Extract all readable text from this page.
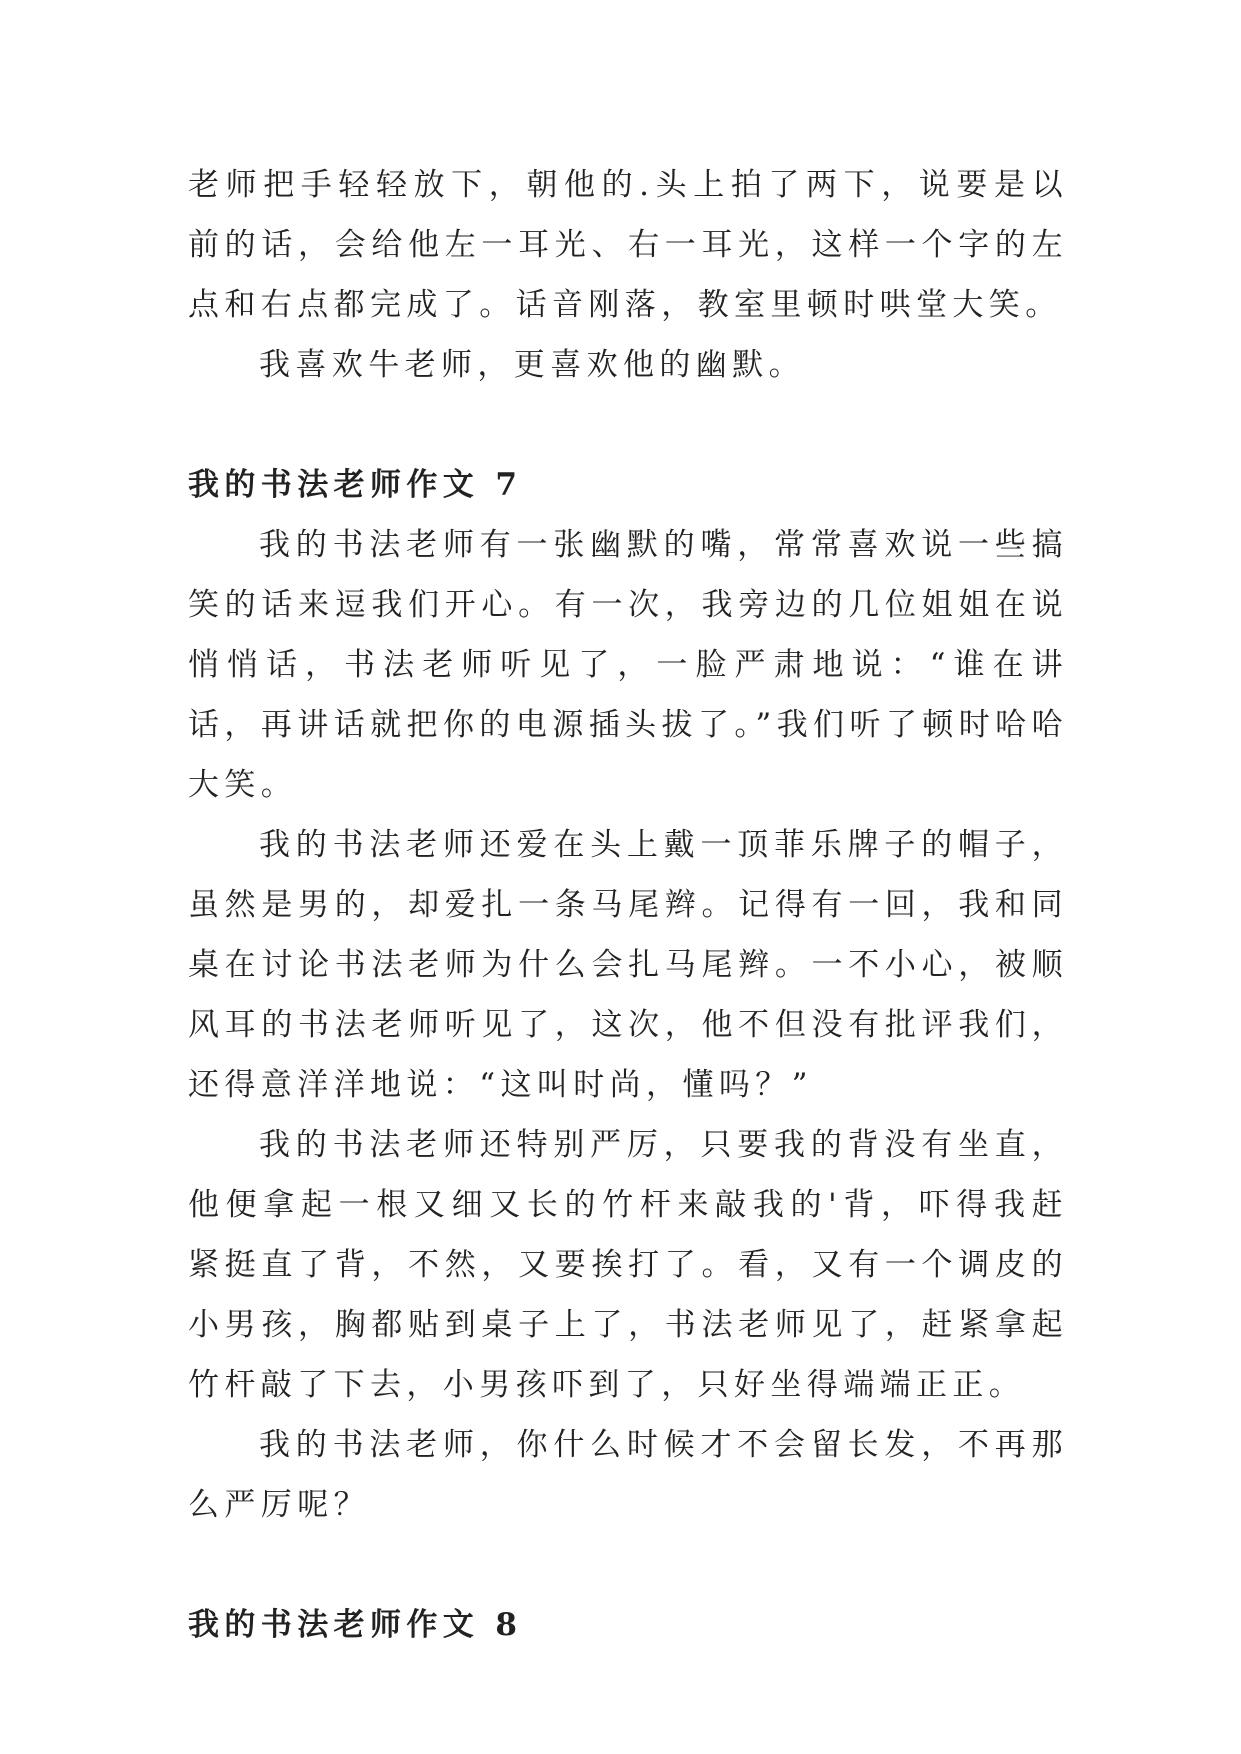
老师把手轻轻放下，朝他的.头上拍了两下，说要是以前的话，会给他左一耳光、右一耳光，这样一个字的左点和右点都完成了。话音刚落，教室里顿时哄堂大笑。

我喜欢牛老师，更喜欢他的幽默。

我的书法老师作文 7

我的书法老师有一张幽默的嘴，常常喜欢说一些搞笑的话来逗我们开心。有一次，我旁边的几位姐姐在说悄悄话，书法老师听见了，一脸严肃地说：“谁在讲话，再讲话就把你的电源插头拔了。”我们听了顿时哈哈大笑。

我的书法老师还爱在头上戴一顶菲乐牌子的帽子，虽然是男的，却爱扎一条马尾辫。记得有一回，我和同桌在讨论书法老师为什么会扎马尾辫。一不小心，被顺风耳的书法老师听见了，这次，他不但没有批评我们，还得意洋洋地说：“这叫时尚，懂吗？”

我的书法老师还特别严厉，只要我的背没有坐直，他便拿起一根又细又长的竹杆来敲我的'背，吓得我赶紧挺直了背，不然，又要挨打了。看，又有一个调皮的小男孩，胸都贴到桌子上了，书法老师见了，赶紧拿起竹杆敲了下去，小男孩吓到了，只好坐得端端正正。

我的书法老师，你什么时候才不会留长发，不再那么严厉呢？

我的书法老师作文 8
